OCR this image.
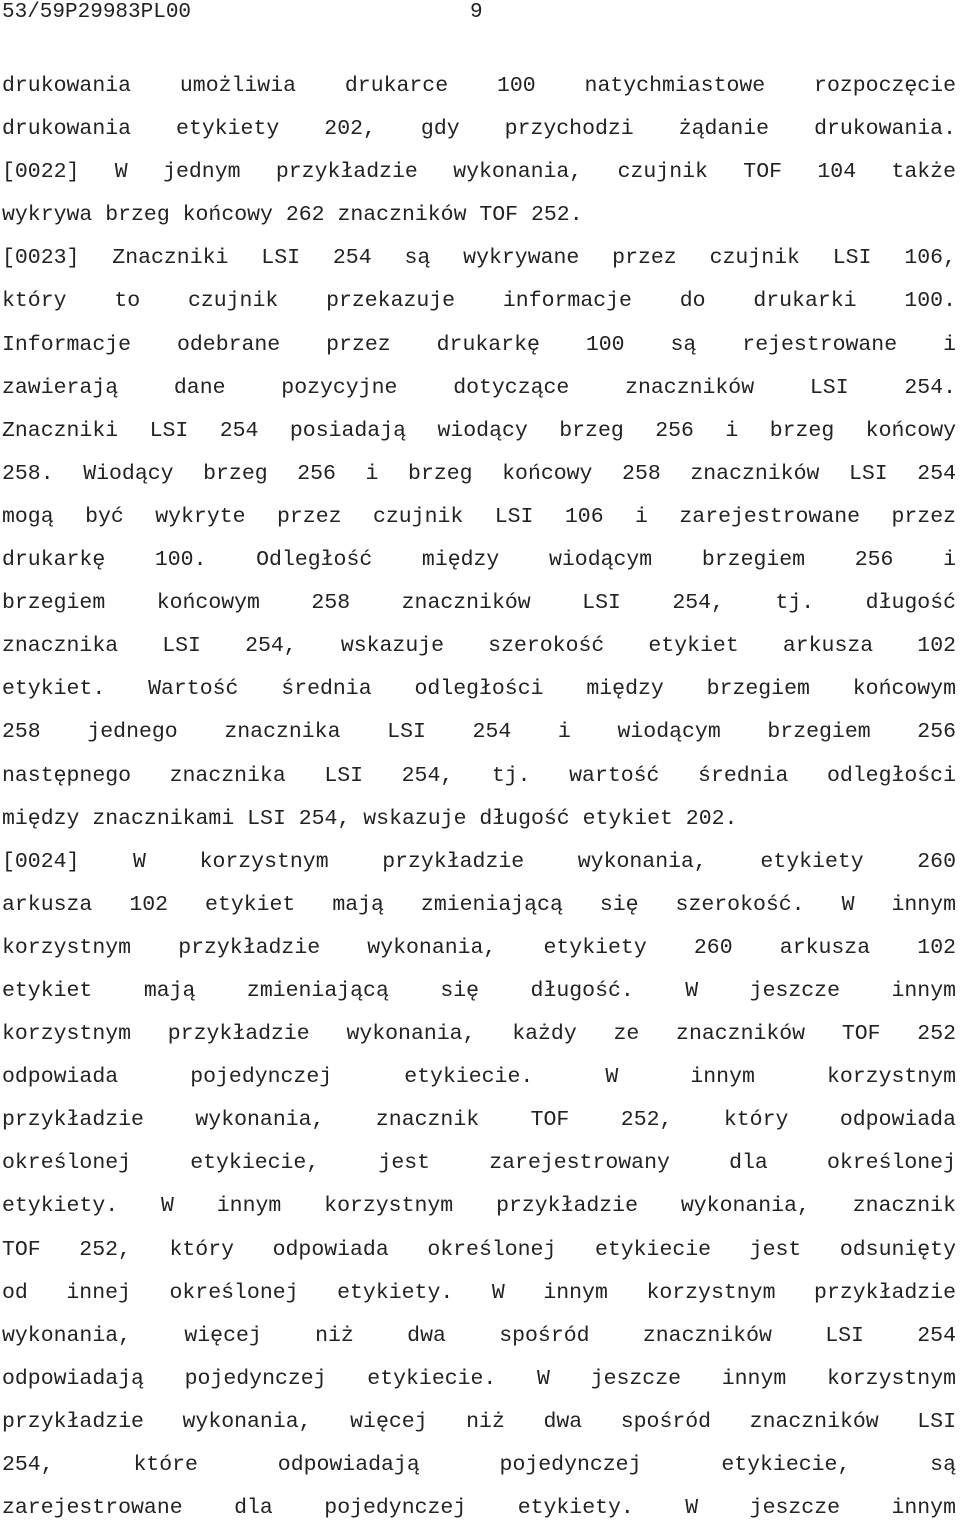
53/59P29983PL00	9
drukowania umożliwia drukarce 100 natychmiastowe rozpoczęcie
drukowania etykiety 202, gdy przychodzi żądanie drukowania.
[0022] W jednym przykładzie wykonania, czujnik TOF 104 także
wykrywa brzeg końcowy 262 znaczników TOF 252.
[0023] Znaczniki LSI 254 są wykrywane przez czujnik LSI 106,
który to czujnik przekazuje informacje do drukarki 100.
Informacje odebrane przez drukarkę 100 są rejestrowane i
zawierają dane pozycyjne dotyczące znaczników LSI 254.
Znaczniki LSI 254 posiadają wiodący brzeg 256 i brzeg końcowy
258. Wiodący brzeg 256 i brzeg końcowy 258 znaczników LSI 254
mogą być wykryte przez czujnik LSI 106 i zarejestrowane przez
drukarkę 100. Odległość między wiodącym brzegiem 256 i
brzegiem końcowym 258 znaczników LSI 254, tj. długość
znacznika LSI 254, wskazuje szerokość etykiet arkusza 102
etykiet. Wartość średnia odległości między brzegiem końcowym
258 jednego znacznika LSI 254 i wiodącym brzegiem 256
następnego znacznika LSI 254, tj. wartość średnia odległości
między znacznikami LSI 254, wskazuje długość etykiet 202.
[0024] W korzystnym przykładzie wykonania, etykiety 260
arkusza 102 etykiet mają zmieniającą się szerokość. W innym
korzystnym przykładzie wykonania, etykiety 260 arkusza 102
etykiet mają zmieniającą się długość. W jeszcze innym
korzystnym przykładzie wykonania, każdy ze znaczników TOF 252
odpowiada pojedynczej etykiecie. W innym korzystnym
przykładzie wykonania, znacznik TOF 252, który odpowiada
określonej etykiecie, jest zarejestrowany dla określonej
etykiety. W innym korzystnym przykładzie wykonania, znacznik
TOF 252, który odpowiada określonej etykiecie jest odsunięty
od innej określonej etykiety. W innym korzystnym przykładzie
wykonania, więcej niż dwa spośród znaczników LSI 254
odpowiadają pojedynczej etykiecie. W jeszcze innym korzystnym
przykładzie wykonania, więcej niż dwa spośród znaczników LSI
254, które odpowiadają pojedynczej etykiecie, są
zarejestrowane dla pojedynczej etykiety. W jeszcze innym
